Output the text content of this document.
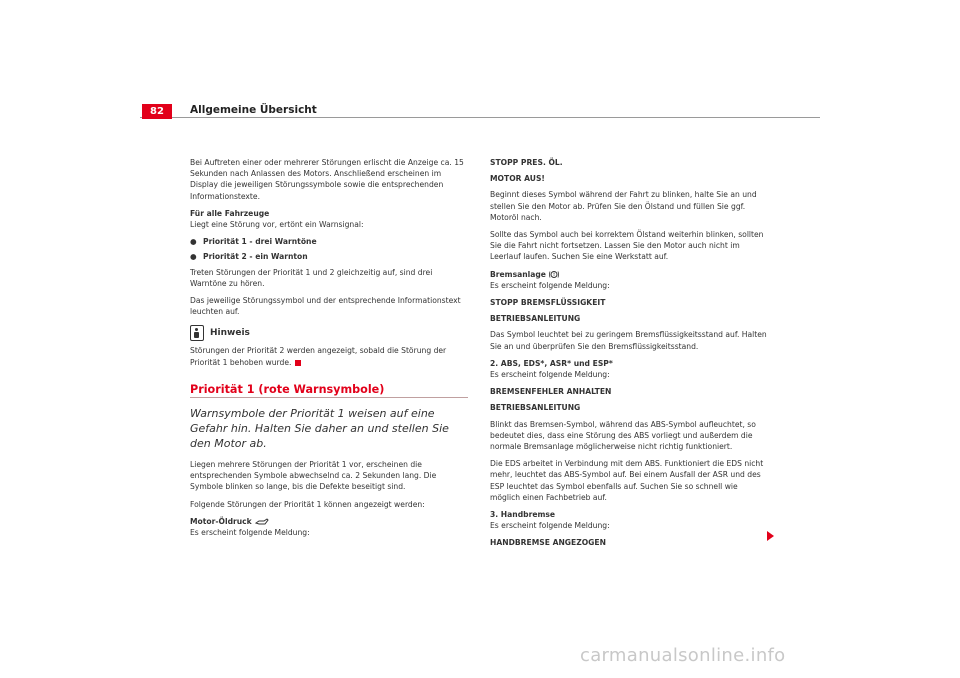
82	Allgemeine Übersicht

Bei Auftreten einer oder mehrerer Störungen erlischt die Anzeige ca. 15 Sekunden nach Anlassen des Motors. Anschließend erscheinen im Display die jeweiligen Störungssymbole sowie die entsprechenden Informationstexte.

Für alle Fahrzeuge

Liegt eine Störung vor, ertönt ein Warnsignal:

● Priorität 1 - drei Warntöne
● Priorität 2 - ein Warnton

Treten Störungen der Priorität 1 und 2 gleichzeitig auf, sind drei Warntöne zu hören.

Das jeweilige Störungssymbol und der entsprechende Informationstext leuchten auf.

Hinweis

Störungen der Priorität 2 werden angezeigt, sobald die Störung der Priorität 1 behoben wurde.

Priorität 1 (rote Warnsymbole)
Warnsymbole der Priorität 1 weisen auf eine Gefahr hin. Halten Sie daher an und stellen Sie den Motor ab.

Liegen mehrere Störungen der Priorität 1 vor, erscheinen die entsprechenden Symbole abwechselnd ca. 2 Sekunden lang. Die Symbole blinken so lange, bis die Defekte beseitigt sind.

Folgende Störungen der Priorität 1 können angezeigt werden:

Motor-Öldruck

Es erscheint folgende Meldung:

STOPP PRES. ÖL.

MOTOR AUS!

Beginnt dieses Symbol während der Fahrt zu blinken, halte Sie an und stellen Sie den Motor ab. Prüfen Sie den Ölstand und füllen Sie ggf. Motoröl nach.

Sollte das Symbol auch bei korrektem Ölstand weiterhin blinken, sollten Sie die Fahrt nicht fortsetzen. Lassen Sie den Motor auch nicht im Leerlauf laufen. Suchen Sie eine Werkstatt auf.

Bremsanlage !

Es erscheint folgende Meldung:

STOPP BREMSFLÜSSIGKEIT

BETRIEBSANLEITUNG

Das Symbol leuchtet bei zu geringem Bremsflüssigkeitsstand auf. Halten Sie an und überprüfen Sie den Bremsflüssigkeitsstand.

2. ABS, EDS*, ASR* und ESP*

Es erscheint folgende Meldung:

BREMSENFEHLER ANHALTEN

BETRIEBSANLEITUNG

Blinkt das Bremsen-Symbol, während das ABS-Symbol aufleuchtet, so bedeutet dies, dass eine Störung des ABS vorliegt und außerdem die normale Bremsanlage möglicherweise nicht richtig funktioniert.

Die EDS arbeitet in Verbindung mit dem ABS. Funktioniert die EDS nicht mehr, leuchtet das ABS-Symbol auf. Bei einem Ausfall der ASR und des ESP leuchtet das Symbol ebenfalls auf. Suchen Sie so schnell wie möglich einen Fachbetrieb auf.

3. Handbremse

Es erscheint folgende Meldung:

HANDBREMSE ANGEZOGEN

carmanualsonline.info
